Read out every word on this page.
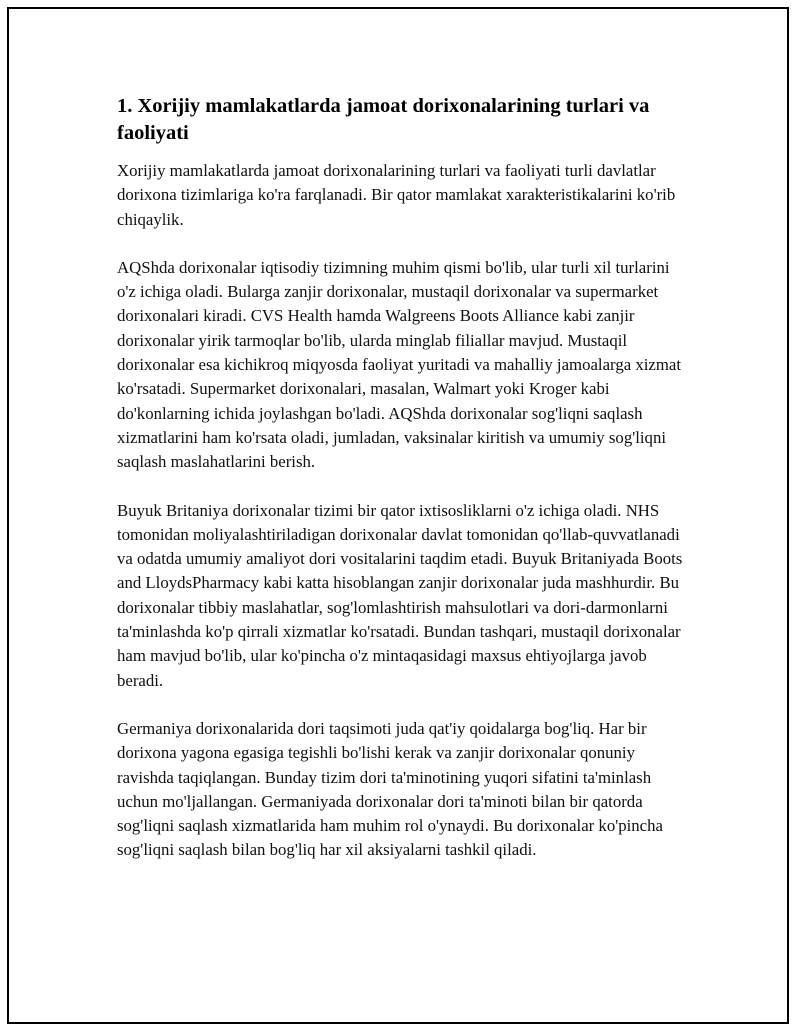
1. Xorijiy mamlakatlarda jamoat dorixonalarining turlari va faoliyati

Xorijiy mamlakatlarda jamoat dorixonalarining turlari va faoliyati turli davlatlar dorixona tizimlariga ko'ra farqlanadi. Bir qator mamlakat xarakteristikalarini ko'rib chiqaylik.

AQShda dorixonalar iqtisodiy tizimning muhim qismi bo'lib, ular turli xil turlarini o'z ichiga oladi. Bularga zanjir dorixonalar, mustaqil dorixonalar va supermarket dorixonalari kiradi. CVS Health hamda Walgreens Boots Alliance kabi zanjir dorixonalar yirik tarmoqlar bo'lib, ularda minglab filiallar mavjud. Mustaqil dorixonalar esa kichikroq miqyosda faoliyat yuritadi va mahalliy jamoalarga xizmat ko'rsatadi. Supermarket dorixonalari, masalan, Walmart yoki Kroger kabi do'konlarning ichida joylashgan bo'ladi. AQShda dorixonalar sog'liqni saqlash xizmatlarini ham ko'rsata oladi, jumladan, vaksinalar kiritish va umumiy sog'liqni saqlash maslahatlarini berish.

Buyuk Britaniya dorixonalar tizimi bir qator ixtisosliklarni o'z ichiga oladi. NHS tomonidan moliyalashtiriladigan dorixonalar davlat tomonidan qo'llab-quvvatlanadi va odatda umumiy amaliyot dori vositalarini taqdim etadi. Buyuk Britaniyada Boots and LloydsPharmacy kabi katta hisoblangan zanjir dorixonalar juda mashhurdir. Bu dorixonalar tibbiy maslahatlar, sog'lomlashtirish mahsulotlari va dori-darmonlarni ta'minlashda ko'p qirrali xizmatlar ko'rsatadi. Bundan tashqari, mustaqil dorixonalar ham mavjud bo'lib, ular ko'pincha o'z mintaqasidagi maxsus ehtiyojlarga javob beradi.

Germaniya dorixonalarida dori taqsimoti juda qat'iy qoidalarga bog'liq. Har bir dorixona yagona egasiga tegishli bo'lishi kerak va zanjir dorixonalar qonuniy ravishda taqiqlangan. Bunday tizim dori ta'minotining yuqori sifatini ta'minlash uchun mo'ljallangan. Germaniyada dorixonalar dori ta'minoti bilan bir qatorda sog'liqni saqlash xizmatlarida ham muhim rol o'ynaydi. Bu dorixonalar ko'pincha sog'liqni saqlash bilan bog'liq har xil aksiyalarni tashkil qiladi.
